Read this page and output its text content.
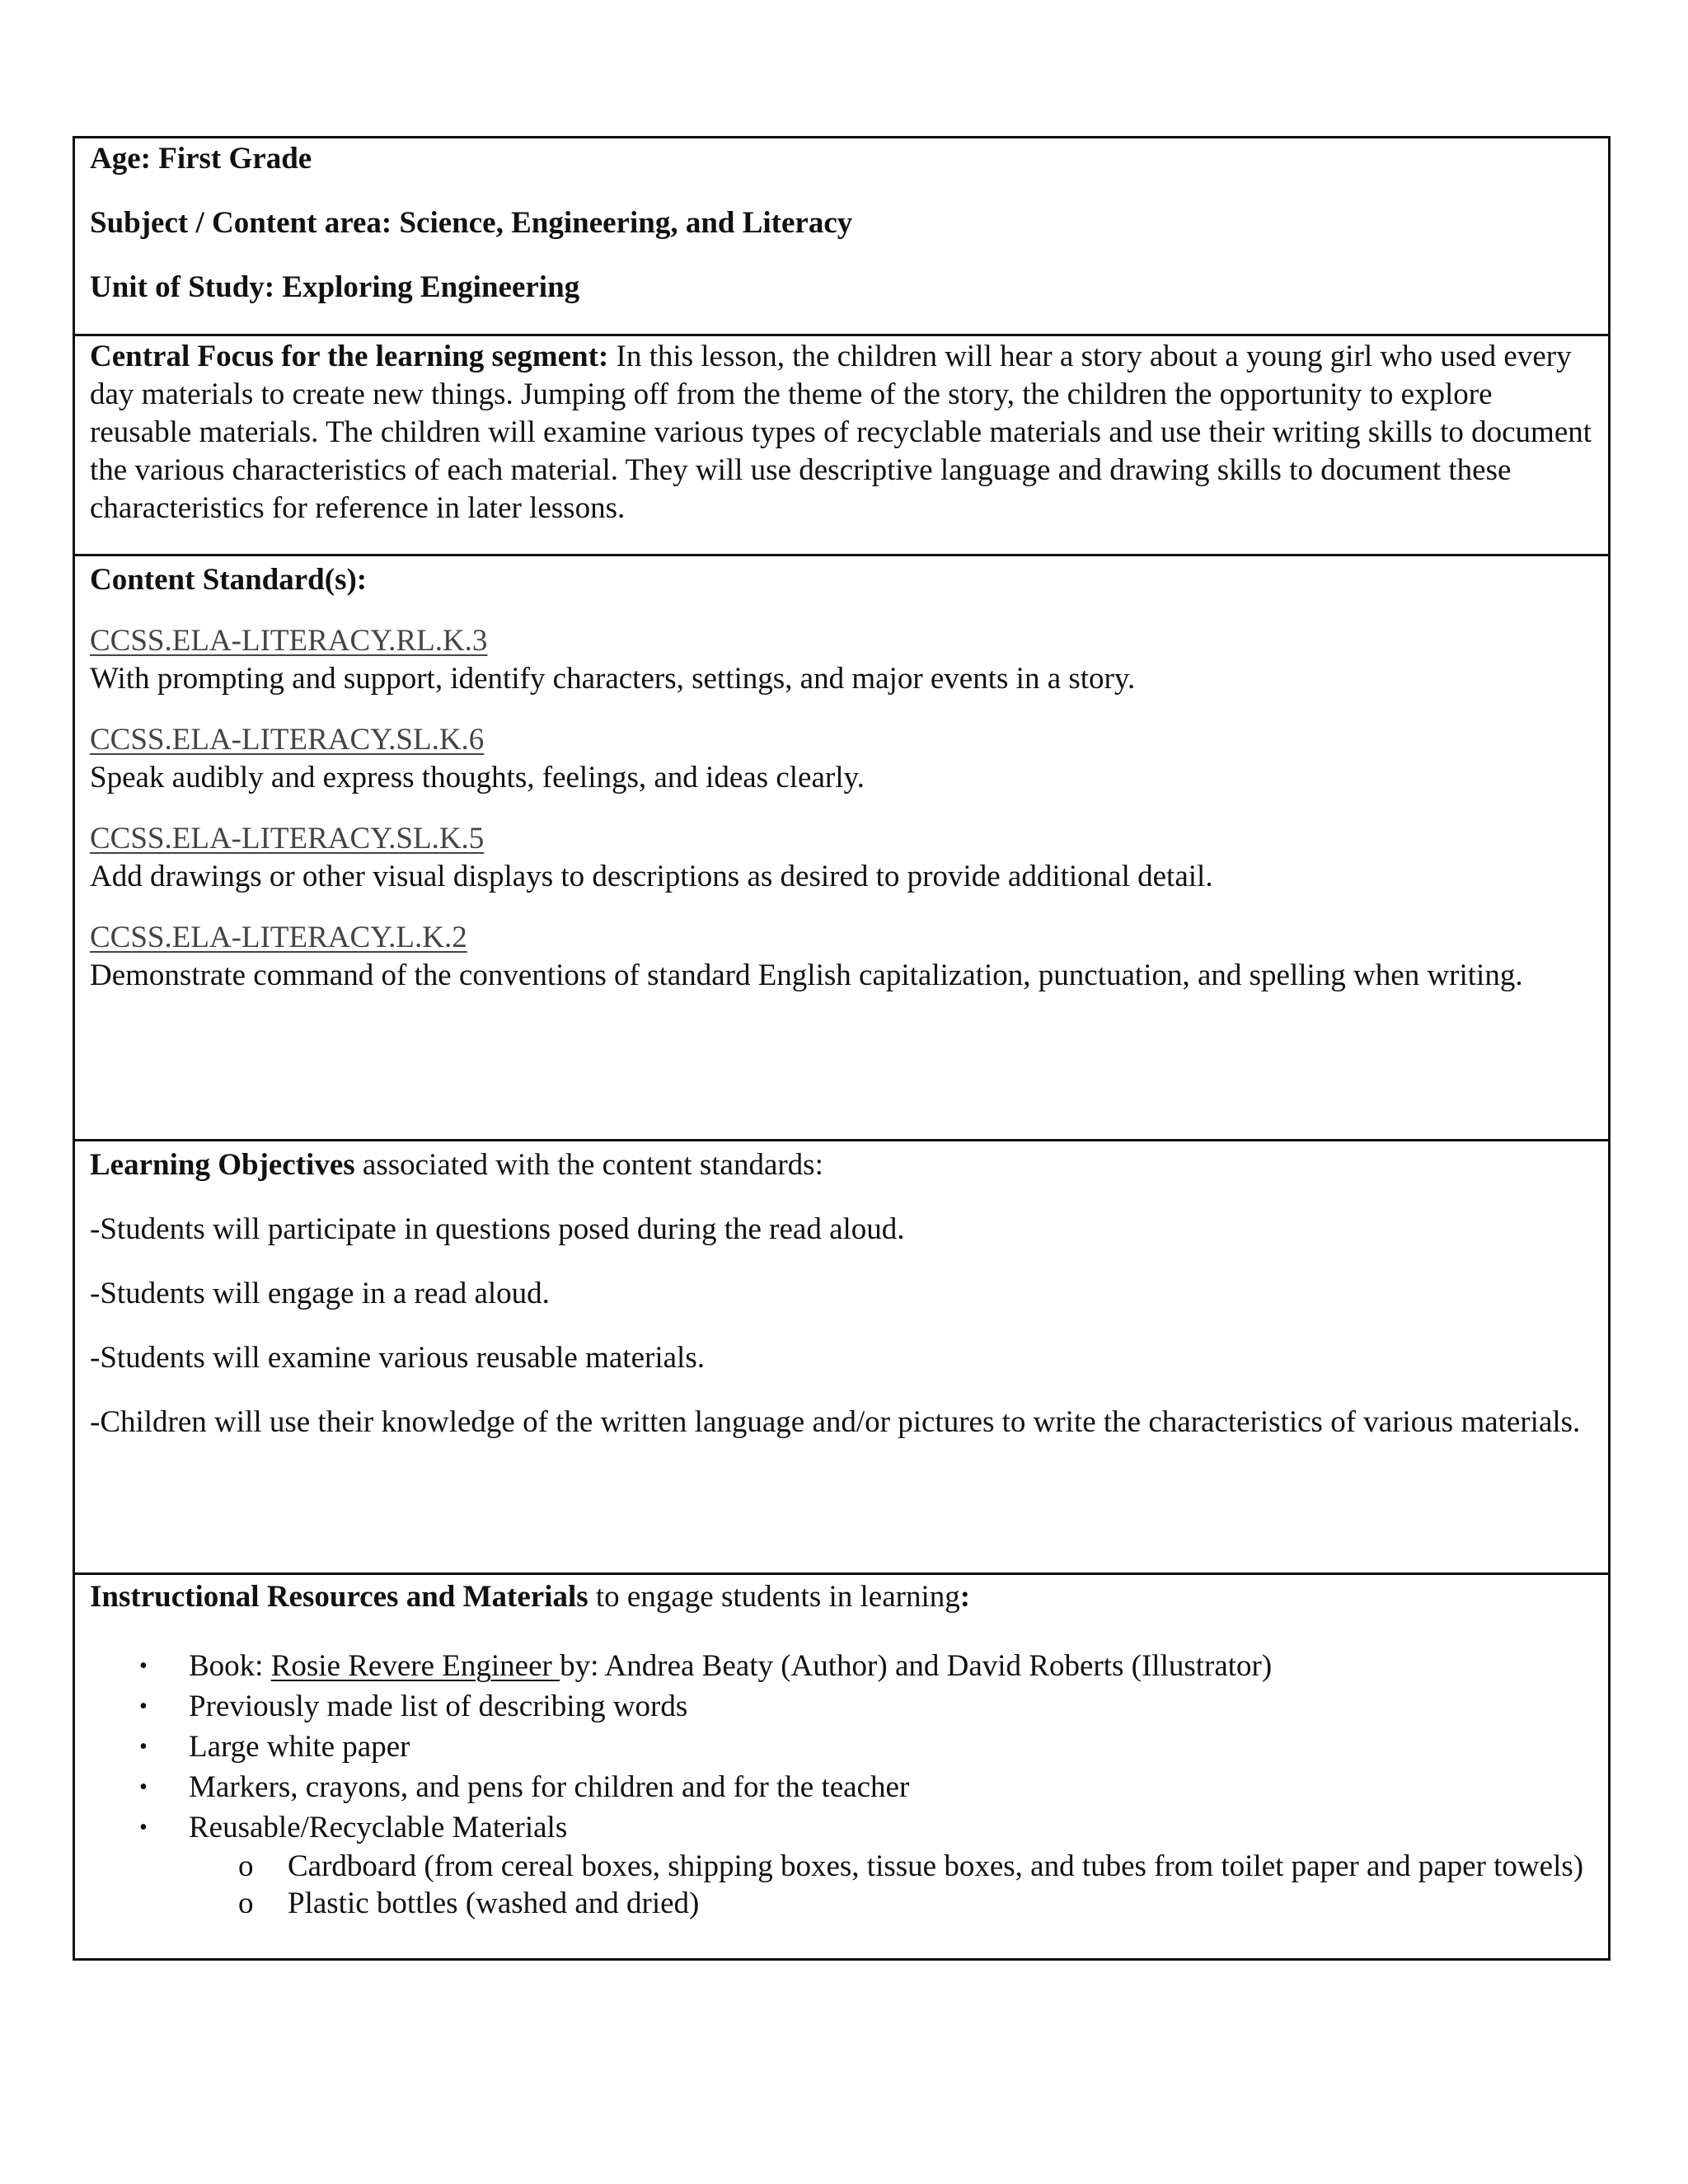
Age: First Grade

Subject / Content area: Science, Engineering, and Literacy

Unit of Study: Exploring Engineering

Central Focus for the learning segment: In this lesson, the children will hear a story about a young girl who used every day materials to create new things. Jumping off from the theme of the story, the children the opportunity to explore reusable materials. The children will examine various types of recyclable materials and use their writing skills to document the various characteristics of each material. They will use descriptive language and drawing skills to document these characteristics for reference in later lessons.

Content Standard(s):

CCSS.ELA-LITERACY.RL.K.3
With prompting and support, identify characters, settings, and major events in a story.
CCSS.ELA-LITERACY.SL.K.6
Speak audibly and express thoughts, feelings, and ideas clearly.
CCSS.ELA-LITERACY.SL.K.5
Add drawings or other visual displays to descriptions as desired to provide additional detail.
CCSS.ELA-LITERACY.L.K.2
Demonstrate command of the conventions of standard English capitalization, punctuation, and spelling when writing.

Learning Objectives associated with the content standards:

-Students will participate in questions posed during the read aloud.

-Students will engage in a read aloud.

-Students will examine various reusable materials.

-Children will use their knowledge of the written language and/or pictures to write the characteristics of various materials.

Instructional Resources and Materials to engage students in learning:

• Book: Rosie Revere Engineer by: Andrea Beaty (Author) and David Roberts (Illustrator)
• Previously made list of describing words
• Large white paper
• Markers, crayons, and pens for children and for the teacher
• Reusable/Recyclable Materials
o Cardboard (from cereal boxes, shipping boxes, tissue boxes, and tubes from toilet paper and paper towels)
o Plastic bottles (washed and dried)
